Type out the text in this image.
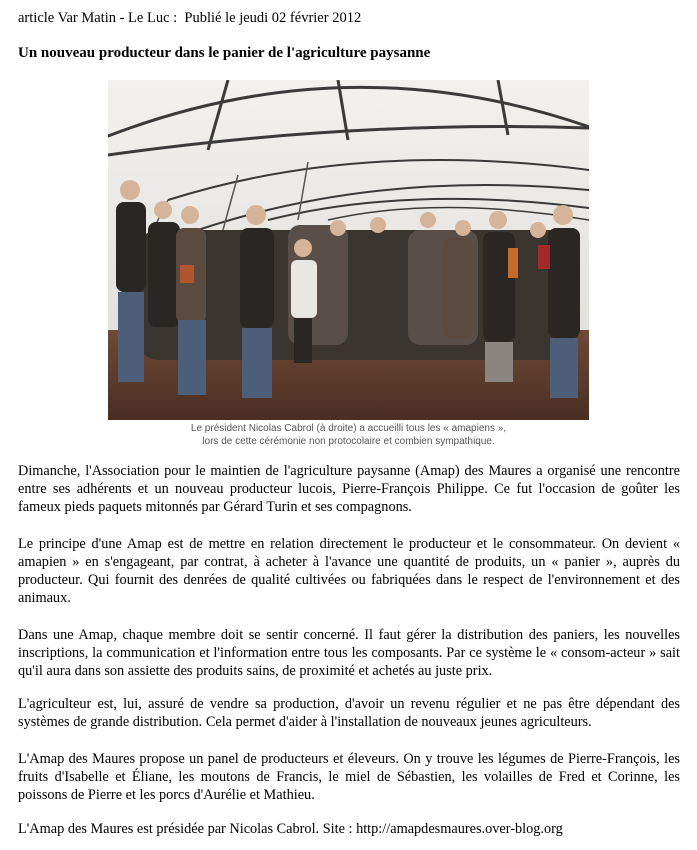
article Var Matin - Le Luc : Publié le jeudi 02 février 2012
Un nouveau producteur dans le panier de l'agriculture paysanne
Le président Nicolas Cabrol (à droite) a accueilli tous les « amapiens »,
lors de cette cérémonie non protocolaire et combien sympathique.

Dimanche, l'Association pour le maintien de l'agriculture paysanne (Amap) des Maures a organisé une rencontre entre ses adhérents et un nouveau producteur lucois, Pierre-François Philippe. Ce fut l'occasion de goûter les fameux pieds paquets mitonnés par Gérard Turin et ses compagnons.

Le principe d'une Amap est de mettre en relation directement le producteur et le consommateur. On devient « amapien » en s'engageant, par contrat, à acheter à l'avance une quantité de produits, un « panier », auprès du producteur. Qui fournit des denrées de qualité cultivées ou fabriquées dans le respect de l'environnement et des animaux.

Dans une Amap, chaque membre doit se sentir concerné. Il faut gérer la distribution des paniers, les nouvelles inscriptions, la communication et l'information entre tous les composants. Par ce système le « consom-acteur » sait qu'il aura dans son assiette des produits sains, de proximité et achetés au juste prix.

L'agriculteur est, lui, assuré de vendre sa production, d'avoir un revenu régulier et ne pas être dépendant des systèmes de grande distribution. Cela permet d'aider à l'installation de nouveaux jeunes agriculteurs.

L'Amap des Maures propose un panel de producteurs et éleveurs. On y trouve les légumes de Pierre-François, les fruits d'Isabelle et Éliane, les moutons de Francis, le miel de Sébastien, les volailles de Fred et Corinne, les poissons de Pierre et les porcs d'Aurélie et Mathieu.

L'Amap des Maures est présidée par Nicolas Cabrol. Site : http://amapdesmaures.over-blog.org
